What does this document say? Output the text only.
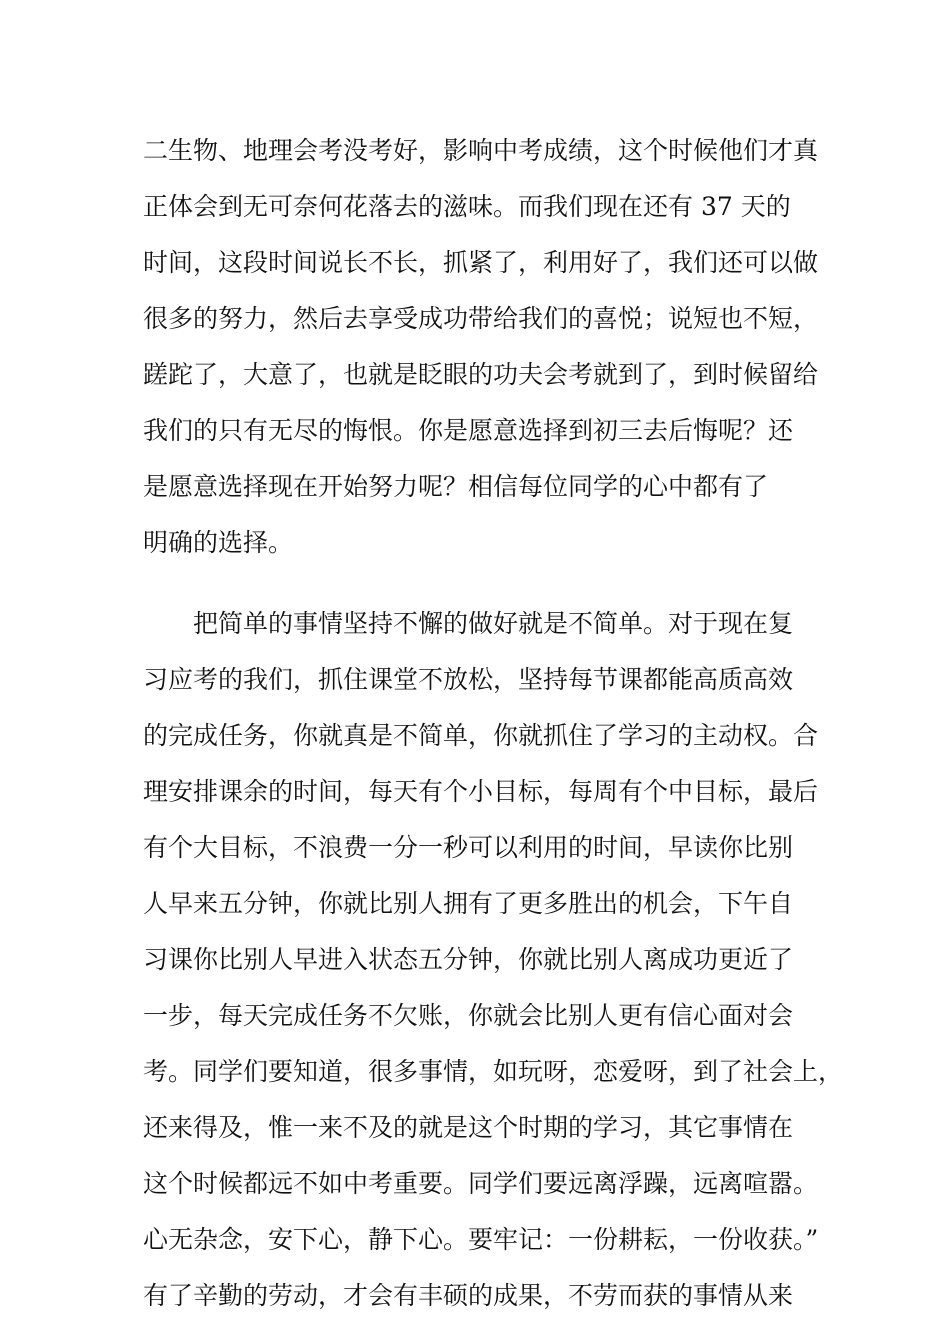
二生物、地理会考没考好，影响中考成绩，这个时候他们才真
正体会到无可奈何花落去的滋味。而我们现在还有 37 天的
时间，这段时间说长不长，抓紧了，利用好了，我们还可以做
很多的努力，然后去享受成功带给我们的喜悦；说短也不短，
蹉跎了，大意了，也就是眨眼的功夫会考就到了，到时候留给
我们的只有无尽的悔恨。你是愿意选择到初三去后悔呢？还
是愿意选择现在开始努力呢？相信每位同学的心中都有了
明确的选择。
把简单的事情坚持不懈的做好就是不简单。对于现在复
习应考的我们，抓住课堂不放松，坚持每节课都能高质高效
的完成任务，你就真是不简单，你就抓住了学习的主动权。合
理安排课余的时间，每天有个小目标，每周有个中目标，最后
有个大目标，不浪费一分一秒可以利用的时间，早读你比别
人早来五分钟，你就比别人拥有了更多胜出的机会，下午自
习课你比别人早进入状态五分钟，你就比别人离成功更近了
一步，每天完成任务不欠账，你就会比别人更有信心面对会
考。同学们要知道，很多事情，如玩呀，恋爱呀，到了社会上，
还来得及，惟一来不及的就是这个时期的学习，其它事情在
这个时候都远不如中考重要。同学们要远离浮躁，远离喧嚣。
心无杂念，安下心，静下心。要牢记：一份耕耘，一份收获。”
有了辛勤的劳动，才会有丰硕的成果，不劳而获的事情从来
